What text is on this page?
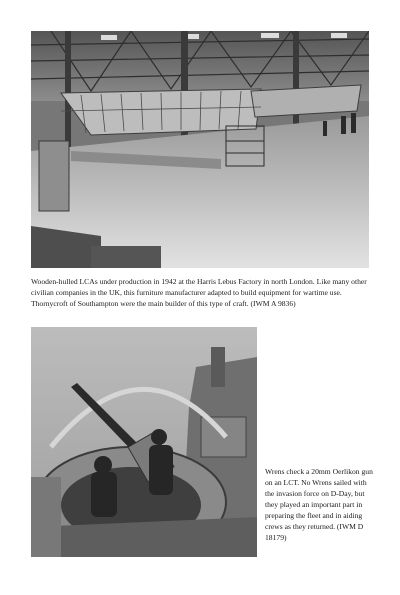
Wooden-hulled LCAs under production in 1942 at the Harris Lebus Factory in north London. Like many other civilian companies in the UK, this furniture manufacturer adapted to build equipment for wartime use. Thornycroft of Southampton were the main builder of this type of craft. (IWM A 9836)

Wrens check a 20mm Oerlikon gun on an LCT. No Wrens sailed with the invasion force on D-Day, but they played an important part in preparing the fleet and in aiding crews as they returned. (IWM D 18179)
